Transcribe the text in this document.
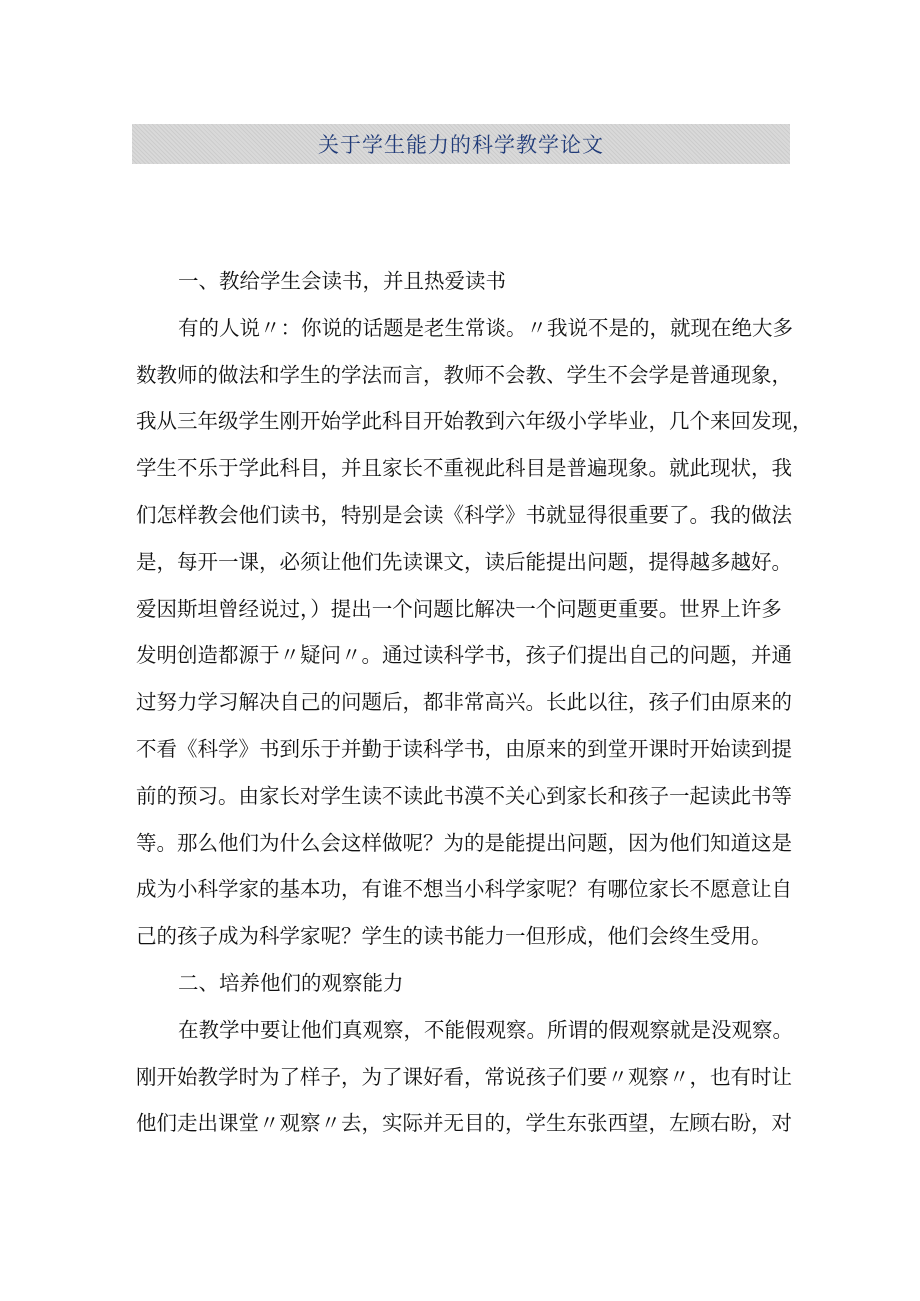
关于学生能力的科学教学论文
一、教给学生会读书，并且热爱读书
有的人说〃：你说的话题是老生常谈。〃我说不是的，就现在绝大多
数教师的做法和学生的学法而言，教师不会教、学生不会学是普通现象，
我从三年级学生刚开始学此科目开始教到六年级小学毕业，几个来回发现，
学生不乐于学此科目，并且家长不重视此科目是普遍现象。就此现状，我
们怎样教会他们读书，特别是会读《科学》书就显得很重要了。我的做法
是，每开一课，必须让他们先读课文，读后能提出问题，提得越多越好。
爱因斯坦曾经说过，）提出一个问题比解决一个问题更重要。世界上许多
发明创造都源于〃疑问〃。通过读科学书，孩子们提出自己的问题，并通
过努力学习解决自己的问题后，都非常高兴。长此以往，孩子们由原来的
不看《科学》书到乐于并勤于读科学书，由原来的到堂开课时开始读到提
前的预习。由家长对学生读不读此书漠不关心到家长和孩子一起读此书等
等。那么他们为什么会这样做呢？为的是能提出问题，因为他们知道这是
成为小科学家的基本功，有谁不想当小科学家呢？有哪位家长不愿意让自
己的孩子成为科学家呢？学生的读书能力一但形成，他们会终生受用。
二、培养他们的观察能力
在教学中要让他们真观察，不能假观察。所谓的假观察就是没观察。
刚开始教学时为了样子，为了课好看，常说孩子们要〃观察〃，也有时让
他们走出课堂〃观察〃去，实际并无目的，学生东张西望，左顾右盼，对
